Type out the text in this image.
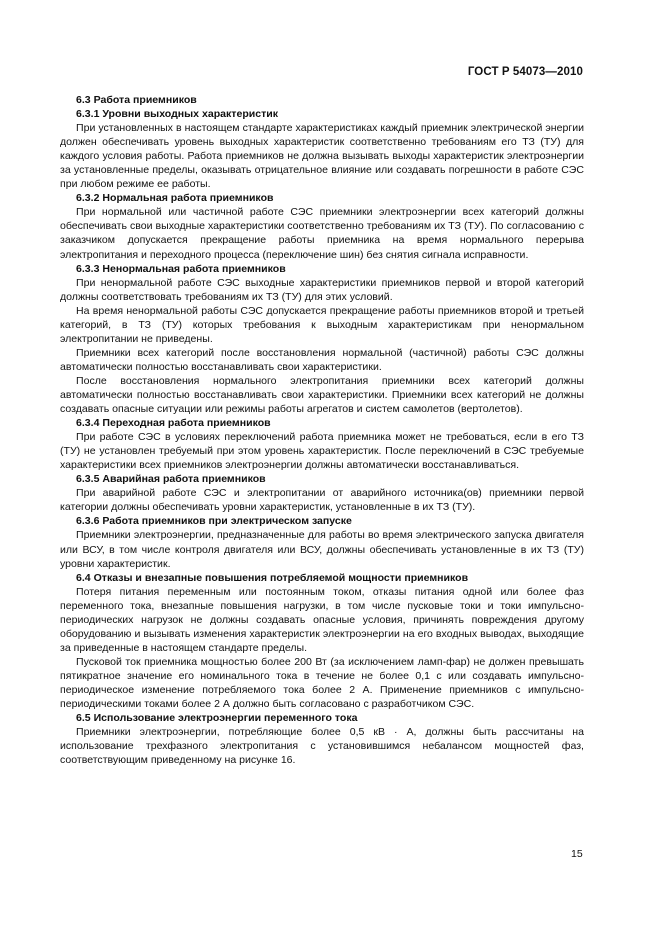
ГОСТ Р 54073—2010
6.3 Работа приемников
6.3.1 Уровни выходных характеристик
При установленных в настоящем стандарте характеристиках каждый приемник электрической энергии должен обеспечивать уровень выходных характеристик соответственно требованиям его ТЗ (ТУ) для каждого условия работы. Работа приемников не должна вызывать выходы характеристик электроэнергии за установленные пределы, оказывать отрицательное влияние или создавать погрешности в работе СЭС при любом режиме ее работы.
6.3.2 Нормальная работа приемников
При нормальной или частичной работе СЭС приемники электроэнергии всех категорий должны обеспечивать свои выходные характеристики соответственно требованиям их ТЗ (ТУ). По согласованию с заказчиком допускается прекращение работы приемника на время нормального перерыва электропитания и переходного процесса (переключение шин) без снятия сигнала исправности.
6.3.3 Ненормальная работа приемников
При ненормальной работе СЭС выходные характеристики приемников первой и второй категорий должны соответствовать требованиям их ТЗ (ТУ) для этих условий.
На время ненормальной работы СЭС допускается прекращение работы приемников второй и третьей категорий, в ТЗ (ТУ) которых требования к выходным характеристикам при ненормальном электропитании не приведены.
Приемники всех категорий после восстановления нормальной (частичной) работы СЭС должны автоматически полностью восстанавливать свои характеристики.
После восстановления нормального электропитания приемники всех категорий должны автоматически полностью восстанавливать свои характеристики. Приемники всех категорий не должны создавать опасные ситуации или режимы работы агрегатов и систем самолетов (вертолетов).
6.3.4 Переходная работа приемников
При работе СЭС в условиях переключений работа приемника может не требоваться, если в его ТЗ (ТУ) не установлен требуемый при этом уровень характеристик. После переключений в СЭС требуемые характеристики всех приемников электроэнергии должны автоматически восстанавливаться.
6.3.5 Аварийная работа приемников
При аварийной работе СЭС и электропитании от аварийного источника(ов) приемники первой категории должны обеспечивать уровни характеристик, установленные в их ТЗ (ТУ).
6.3.6 Работа приемников при электрическом запуске
Приемники электроэнергии, предназначенные для работы во время электрического запуска двигателя или ВСУ, в том числе контроля двигателя или ВСУ, должны обеспечивать установленные в их ТЗ (ТУ) уровни характеристик.
6.4 Отказы и внезапные повышения потребляемой мощности приемников
Потеря питания переменным или постоянным током, отказы питания одной или более фаз переменного тока, внезапные повышения нагрузки, в том числе пусковые токи и токи импульсно-периодических нагрузок не должны создавать опасные условия, причинять повреждения другому оборудованию и вызывать изменения характеристик электроэнергии на его входных выводах, выходящие за приведенные в настоящем стандарте пределы.
Пусковой ток приемника мощностью более 200 Вт (за исключением ламп-фар) не должен превышать пятикратное значение его номинального тока в течение не более 0,1 с или создавать импульсно-периодическое изменение потребляемого тока более 2 А. Применение приемников с импульсно-периодическими токами более 2 А должно быть согласовано с разработчиком СЭС.
6.5 Использование электроэнергии переменного тока
Приемники электроэнергии, потребляющие более 0,5 кВ · А, должны быть рассчитаны на использование трехфазного электропитания с установившимся небалансом мощностей фаз, соответствующим приведенному на рисунке 16.
15
